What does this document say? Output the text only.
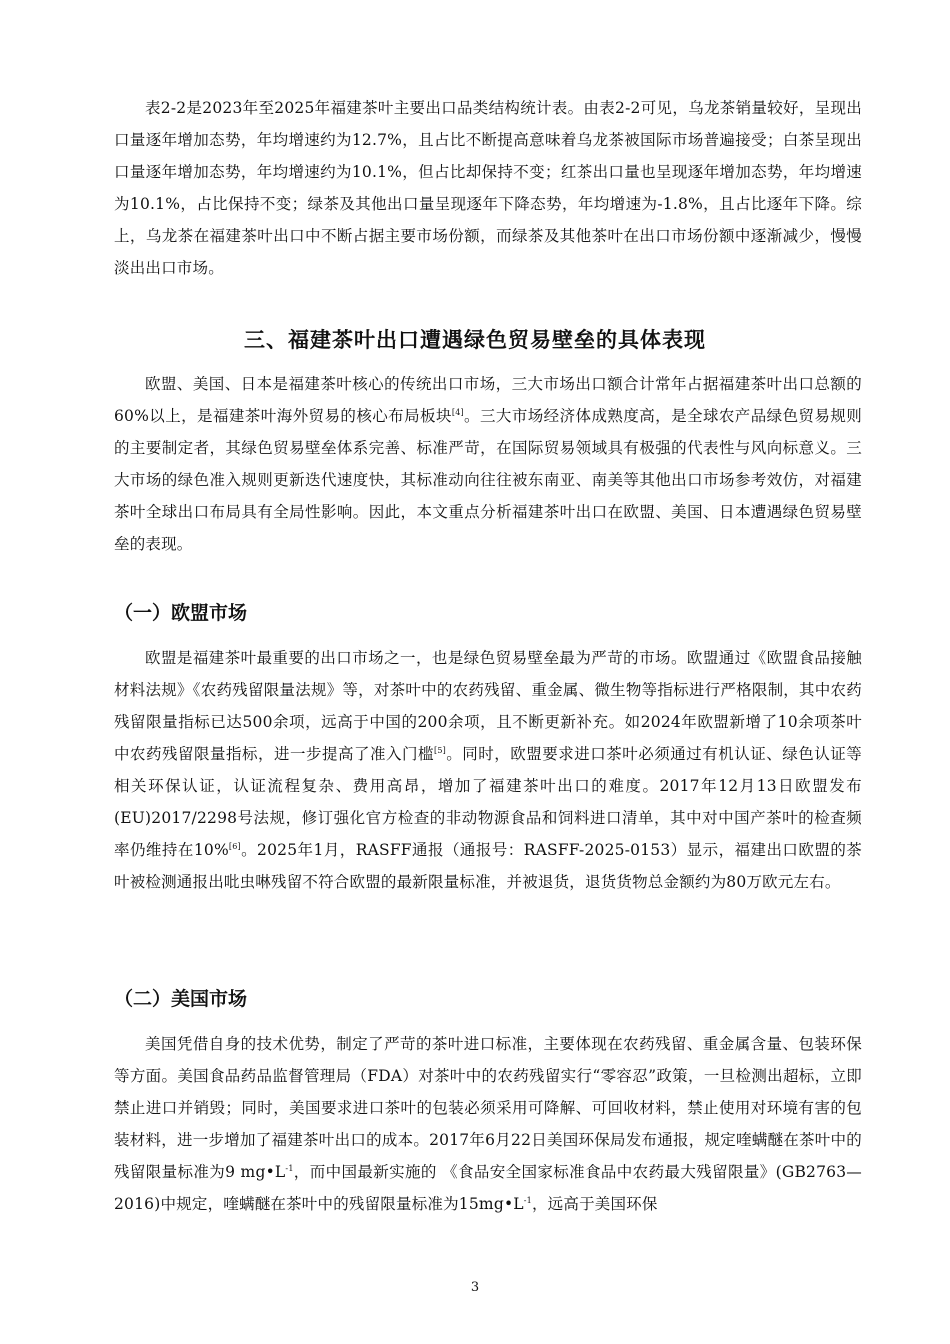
表2-2是2023年至2025年福建茶叶主要出口品类结构统计表。由表2-2可见，乌龙茶销量较好，呈现出口量逐年增加态势，年均增速约为12.7%，且占比不断提高意味着乌龙茶被国际市场普遍接受；白茶呈现出口量逐年增加态势，年均增速约为10.1%，但占比却保持不变；红茶出口量也呈现逐年增加态势，年均增速为10.1%，占比保持不变；绿茶及其他出口量呈现逐年下降态势，年均增速为-1.8%，且占比逐年下降。综上，乌龙茶在福建茶叶出口中不断占据主要市场份额，而绿茶及其他茶叶在出口市场份额中逐渐减少，慢慢淡出出口市场。

三、福建茶叶出口遭遇绿色贸易壁垒的具体表现

欧盟、美国、日本是福建茶叶核心的传统出口市场，三大市场出口额合计常年占据福建茶叶出口总额的60%以上，是福建茶叶海外贸易的核心布局板块[4]。三大市场经济体成熟度高，是全球农产品绿色贸易规则的主要制定者，其绿色贸易壁垒体系完善、标准严苛，在国际贸易领域具有极强的代表性与风向标意义。三大市场的绿色准入规则更新迭代速度快，其标准动向往往被东南亚、南美等其他出口市场参考效仿，对福建茶叶全球出口布局具有全局性影响。因此，本文重点分析福建茶叶出口在欧盟、美国、日本遭遇绿色贸易壁垒的表现。

（一）欧盟市场

欧盟是福建茶叶最重要的出口市场之一，也是绿色贸易壁垒最为严苛的市场。欧盟通过《欧盟食品接触材料法规》《农药残留限量法规》等，对茶叶中的农药残留、重金属、微生物等指标进行严格限制，其中农药残留限量指标已达500余项，远高于中国的200余项，且不断更新补充。如2024年欧盟新增了10余项茶叶中农药残留限量指标，进一步提高了准入门槛[5]。同时，欧盟要求进口茶叶必须通过有机认证、绿色认证等相关环保认证，认证流程复杂、费用高昂，增加了福建茶叶出口的难度。2017年12月13日欧盟发布(EU)2017/2298号法规，修订强化官方检查的非动物源食品和饲料进口清单，其中对中国产茶叶的检查频率仍维持在10%[6]。2025年1月，RASFF通报（通报号：RASFF-2025-0153）显示，福建出口欧盟的茶叶被检测通报出吡虫啉残留不符合欧盟的最新限量标准，并被退货，退货货物总金额约为80万欧元左右。

（二）美国市场

美国凭借自身的技术优势，制定了严苛的茶叶进口标准，主要体现在农药残留、重金属含量、包装环保等方面。美国食品药品监督管理局（FDA）对茶叶中的农药残留实行“零容忍”政策，一旦检测出超标，立即禁止进口并销毁；同时，美国要求进口茶叶的包装必须采用可降解、可回收材料，禁止使用对环境有害的包装材料，进一步增加了福建茶叶出口的成本。2017年6月22日美国环保局发布通报，规定喹螨醚在茶叶中的残留限量标准为9 mg•L$^{-1}$，而中国最新实施的 《食品安全国家标准食品中农药最大残留限量》(GB2763—2016)中规定，喹螨醚在茶叶中的残留限量标准为15mg•L$^{-1}$，远高于美国环保

3
